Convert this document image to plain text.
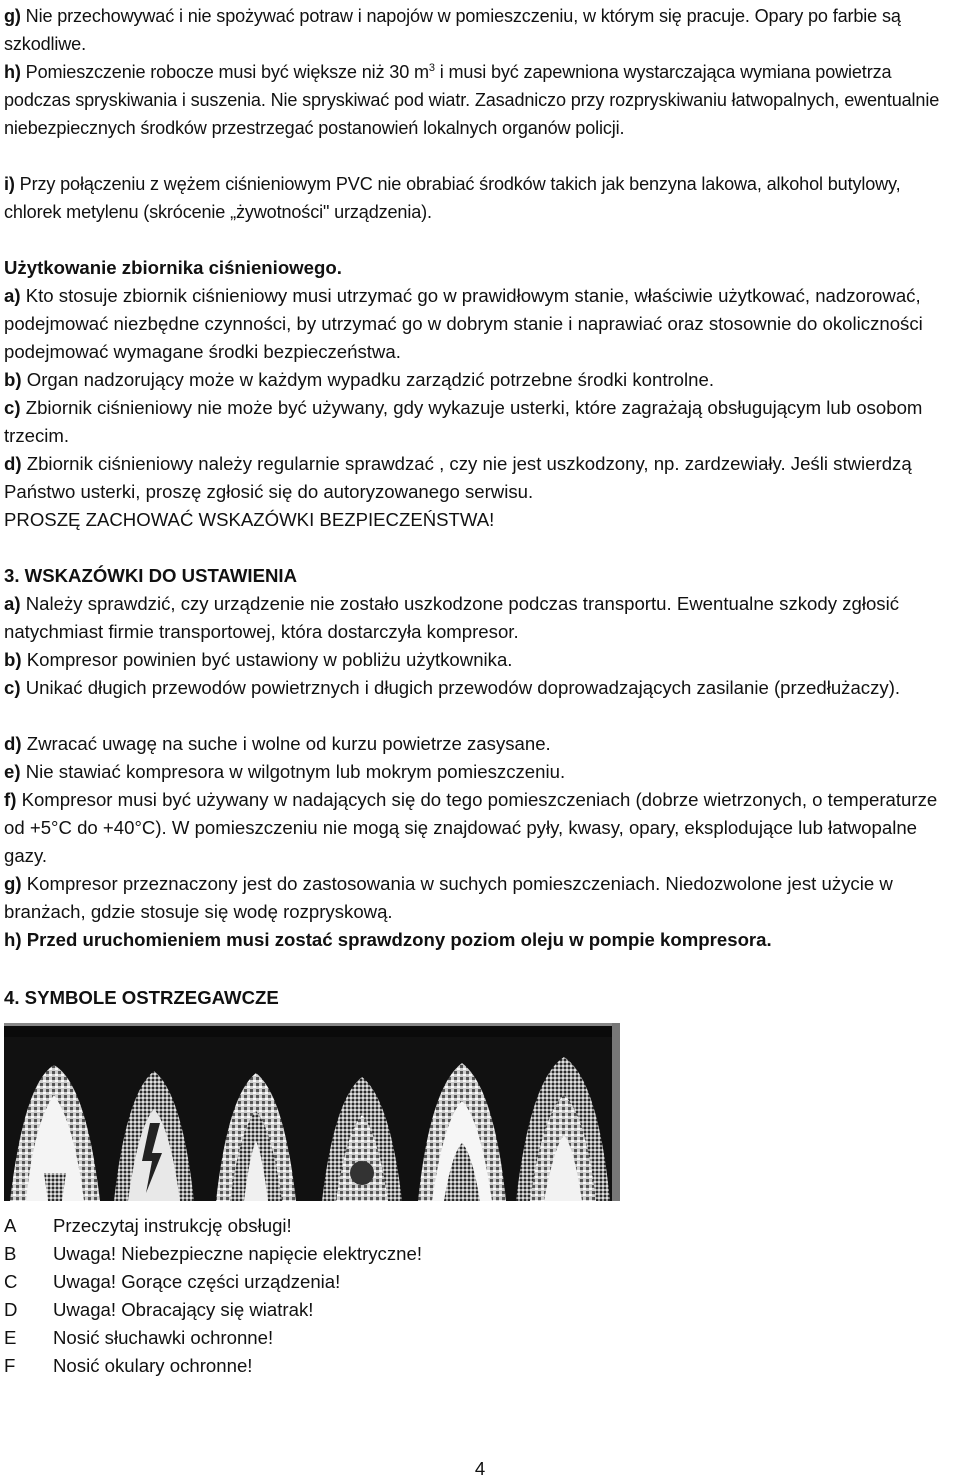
g) Nie przechowywać i nie spożywać potraw i napojów w pomieszczeniu, w którym się pracuje. Opary po farbie są szkodliwe.

h) Pomieszczenie robocze musi być większe niż 30 $m^3$ i musi być zapewniona wystarczająca wymiana powietrza podczas spryskiwania i suszenia. Nie spryskiwać pod wiatr. Zasadniczo przy rozpryskiwaniu łatwopalnych, ewentualnie niebezpiecznych środków przestrzegać postanowień lokalnych organów policji.

i) Przy połączeniu z wężem ciśnieniowym PVC nie obrabiać środków takich jak benzyna lakowa, alkohol butylowy, chlorek metylenu (skrócenie „żywotności" urządzenia).

Użytkowanie zbiornika ciśnieniowego.

a) Kto stosuje zbiornik ciśnieniowy musi utrzymać go w prawidłowym stanie, właściwie użytkować, nadzorować, podejmować niezbędne czynności, by utrzymać go w dobrym stanie i naprawiać oraz stosownie do okoliczności podejmować wymagane środki bezpieczeństwa.

b) Organ nadzorujący może w każdym wypadku zarządzić potrzebne środki kontrolne.

c) Zbiornik ciśnieniowy nie może być używany, gdy wykazuje usterki, które zagrażają obsługującym lub osobom trzecim.

d) Zbiornik ciśnieniowy należy regularnie sprawdzać , czy nie jest uszkodzony, np. zardzewiały. Jeśli stwierdzą Państwo usterki, proszę zgłosić się do autoryzowanego serwisu.

PROSZĘ ZACHOWAĆ WSKAZÓWKI BEZPIECZEŃSTWA!

3. WSKAZÓWKI DO USTAWIENIA

a) Należy sprawdzić, czy urządzenie nie zostało uszkodzone podczas transportu. Ewentualne szkody zgłosić natychmiast firmie transportowej, która dostarczyła kompresor.

b) Kompresor powinien być ustawiony w pobliżu użytkownika.

c) Unikać długich przewodów powietrznych i długich przewodów doprowadzających zasilanie (przedłużaczy).

d) Zwracać uwagę na suche i wolne od kurzu powietrze zasysane.

e) Nie stawiać kompresora w wilgotnym lub mokrym pomieszczeniu.

f) Kompresor musi być używany w nadających się do tego pomieszczeniach (dobrze wietrzonych, o temperaturze od +5°C do +40°C). W pomieszczeniu nie mogą się znajdować pyły, kwasy, opary, eksplodujące lub łatwopalne gazy.

g) Kompresor przeznaczony jest do zastosowania w suchych pomieszczeniach. Niedozwolone jest użycie w branżach, gdzie stosuje się wodę rozpryskową.

h) Przed uruchomieniem musi zostać sprawdzony poziom oleju w pompie kompresora.

4. SYMBOLE OSTRZEGAWCZE

A	Przeczytaj instrukcję obsługi!
B	Uwaga! Niebezpieczne napięcie elektryczne!
C	Uwaga! Gorące części urządzenia!
D	Uwaga! Obracający się wiatrak!
E	Nosić słuchawki ochronne!
F	Nosić okulary ochronne!
4
